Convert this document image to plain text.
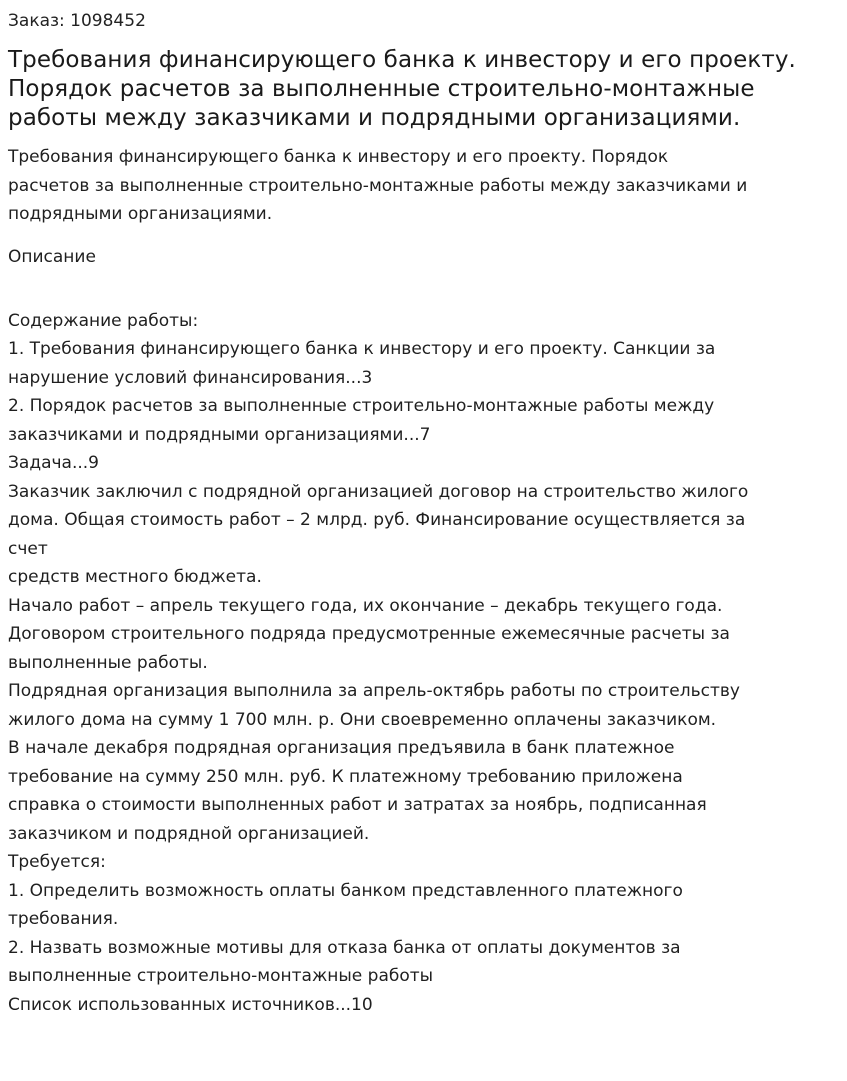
Заказ: 1098452

Требования финансирующего банка к инвестору и его проекту.
Порядок расчетов за выполненные строительно-монтажные
работы между заказчиками и подрядными организациями.
Требования финансирующего банка к инвестору и его проекту. Порядок
расчетов за выполненные строительно-монтажные работы между заказчиками и
подрядными организациями.
Описание
Содержание работы:
1. Требования финансирующего банка к инвестору и его проекту. Санкции за
нарушение условий финансирования...3
2. Порядок расчетов за выполненные строительно-монтажные работы между
заказчиками и подрядными организациями...7
Задача...9
Заказчик заключил с подрядной организацией договор на строительство жилого
дома. Общая стоимость работ – 2 млрд. руб. Финансирование осуществляется за
счет
средств местного бюджета.
Начало работ – апрель текущего года, их окончание – декабрь текущего года.
Договором строительного подряда предусмотренные ежемесячные расчеты за
выполненные работы.
Подрядная организация выполнила за апрель-октябрь работы по строительству
жилого дома на сумму 1 700 млн. р. Они своевременно оплачены заказчиком.
В начале декабря подрядная организация предъявила в банк платежное
требование на сумму 250 млн. руб. К платежному требованию приложена
справка о стоимости выполненных работ и затратах за ноябрь, подписанная
заказчиком и подрядной организацией.
Требуется:
1. Определить возможность оплаты банком представленного платежного
требования.
2. Назвать возможные мотивы для отказа банка от оплаты документов за
выполненные строительно-монтажные работы
Список использованных источников...10
